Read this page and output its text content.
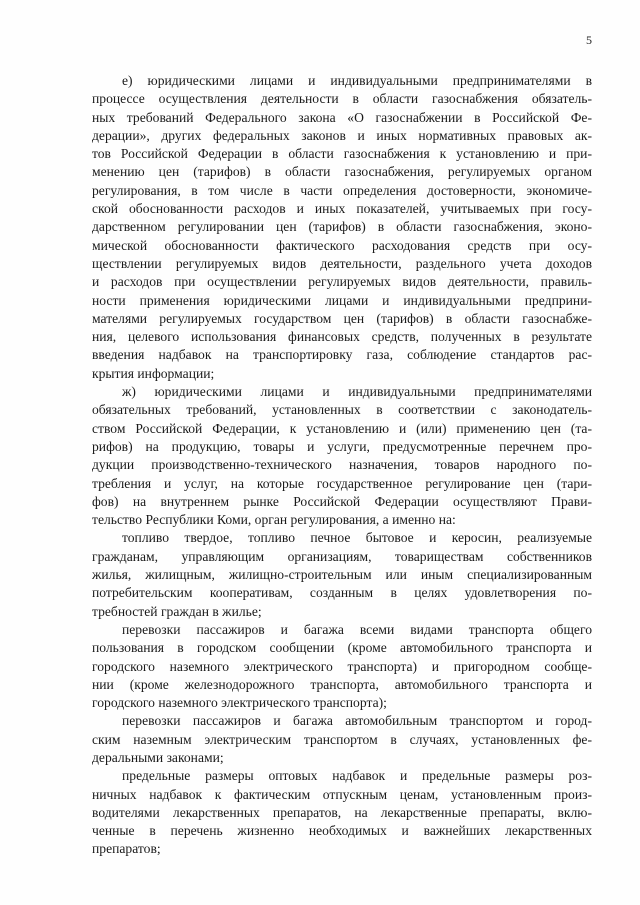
5
е) юридическими лицами и индивидуальными предпринимателями в
процессе осуществления деятельности в области газоснабжения обязатель-
ных требований Федерального закона «О газоснабжении в Российской Фе-
дерации», других федеральных законов и иных нормативных правовых ак-
тов Российской Федерации в области газоснабжения к установлению и при-
менению цен (тарифов) в области газоснабжения, регулируемых органом
регулирования, в том числе в части определения достоверности, экономиче-
ской обоснованности расходов и иных показателей, учитываемых при госу-
дарственном регулировании цен (тарифов) в области газоснабжения, эконо-
мической обоснованности фактического расходования средств при осу-
ществлении регулируемых видов деятельности, раздельного учета доходов
и расходов при осуществлении регулируемых видов деятельности, правиль-
ности применения юридическими лицами и индивидуальными предприни-
мателями регулируемых государством цен (тарифов) в области газоснабже-
ния, целевого использования финансовых средств, полученных в результате
введения надбавок на транспортировку газа, соблюдение стандартов рас-
крытия информации;
ж) юридическими лицами и индивидуальными предпринимателями
обязательных требований, установленных в соответствии с законодатель-
ством Российской Федерации, к установлению и (или) применению цен (та-
рифов) на продукцию, товары и услуги, предусмотренные перечнем про-
дукции производственно-технического назначения, товаров народного по-
требления и услуг, на которые государственное регулирование цен (тари-
фов) на внутреннем рынке Российской Федерации осуществляют Прави-
тельство Республики Коми, орган регулирования, а именно на:
топливо твердое, топливо печное бытовое и керосин, реализуемые
гражданам, управляющим организациям, товариществам собственников
жилья, жилищным, жилищно-строительным или иным специализированным
потребительским кооперативам, созданным в целях удовлетворения по-
требностей граждан в жилье;
перевозки пассажиров и багажа всеми видами транспорта общего
пользования в городском сообщении (кроме автомобильного транспорта и
городского наземного электрического транспорта) и пригородном сообще-
нии (кроме железнодорожного транспорта, автомобильного транспорта и
городского наземного электрического транспорта);
перевозки пассажиров и багажа автомобильным транспортом и город-
ским наземным электрическим транспортом в случаях, установленных фе-
деральными законами;
предельные размеры оптовых надбавок и предельные размеры роз-
ничных надбавок к фактическим отпускным ценам, установленным произ-
водителями лекарственных препаратов, на лекарственные препараты, вклю-
ченные в перечень жизненно необходимых и важнейших лекарственных
препаратов;
